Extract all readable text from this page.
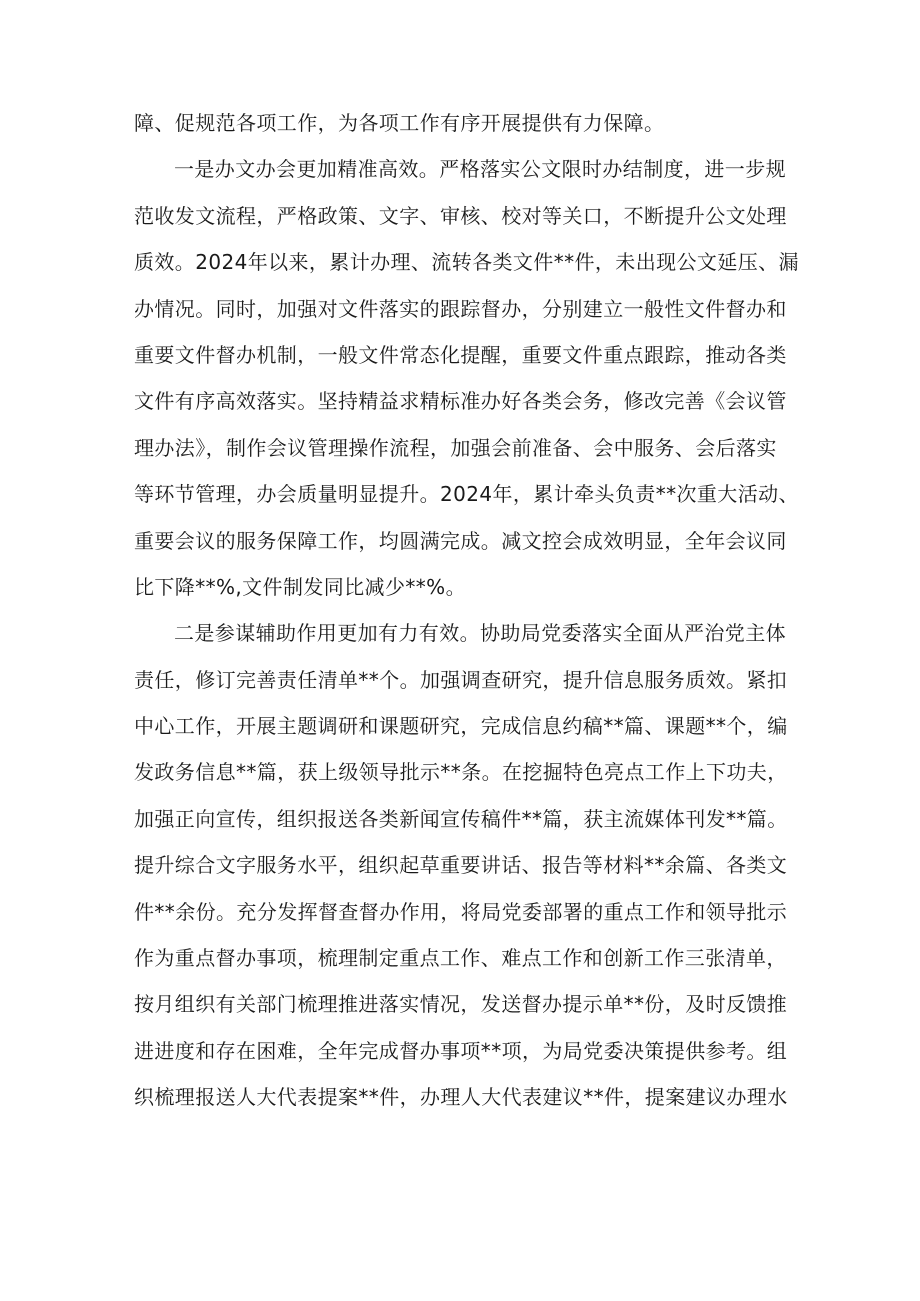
障、促规范各项工作，为各项工作有序开展提供有力保障。
一是办文办会更加精准高效。严格落实公文限时办结制度，进一步规
范收发文流程，严格政策、文字、审核、校对等关口，不断提升公文处理
质效。2024年以来，累计办理、流转各类文件**件，未出现公文延压、漏
办情况。同时，加强对文件落实的跟踪督办，分别建立一般性文件督办和
重要文件督办机制，一般文件常态化提醒，重要文件重点跟踪，推动各类
文件有序高效落实。坚持精益求精标准办好各类会务，修改完善《会议管
理办法》，制作会议管理操作流程，加强会前准备、会中服务、会后落实
等环节管理，办会质量明显提升。2024年，累计牵头负责**次重大活动、
重要会议的服务保障工作，均圆满完成。减文控会成效明显，全年会议同
比下降**%,文件制发同比减少**%。
二是参谋辅助作用更加有力有效。协助局党委落实全面从严治党主体
责任，修订完善责任清单**个。加强调查研究，提升信息服务质效。紧扣
中心工作，开展主题调研和课题研究，完成信息约稿**篇、课题**个，编
发政务信息**篇，获上级领导批示**条。在挖掘特色亮点工作上下功夫，
加强正向宣传，组织报送各类新闻宣传稿件**篇，获主流媒体刊发**篇。
提升综合文字服务水平，组织起草重要讲话、报告等材料**余篇、各类文
件**余份。充分发挥督查督办作用，将局党委部署的重点工作和领导批示
作为重点督办事项，梳理制定重点工作、难点工作和创新工作三张清单，
按月组织有关部门梳理推进落实情况，发送督办提示单**份，及时反馈推
进进度和存在困难，全年完成督办事项**项，为局党委决策提供参考。组
织梳理报送人大代表提案**件，办理人大代表建议**件，提案建议办理水
